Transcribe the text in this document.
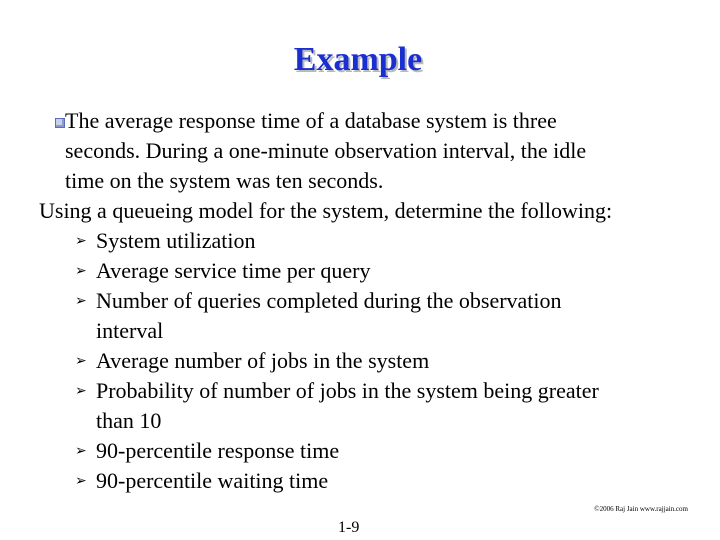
Example
The average response time of a database system is three
seconds. During a one-minute observation interval, the idle
time on the system was ten seconds.
Using a queueing model for the system, determine the following:
➢ System utilization
➢ Average service time per query
➢ Number of queries completed during the observation
interval
➢ Average number of jobs in the system
➢ Probability of number of jobs in the system being greater
than 10
➢ 90-percentile response time
➢ 90-percentile waiting time
©2006 Raj Jain www.rajjain.com
1-9
